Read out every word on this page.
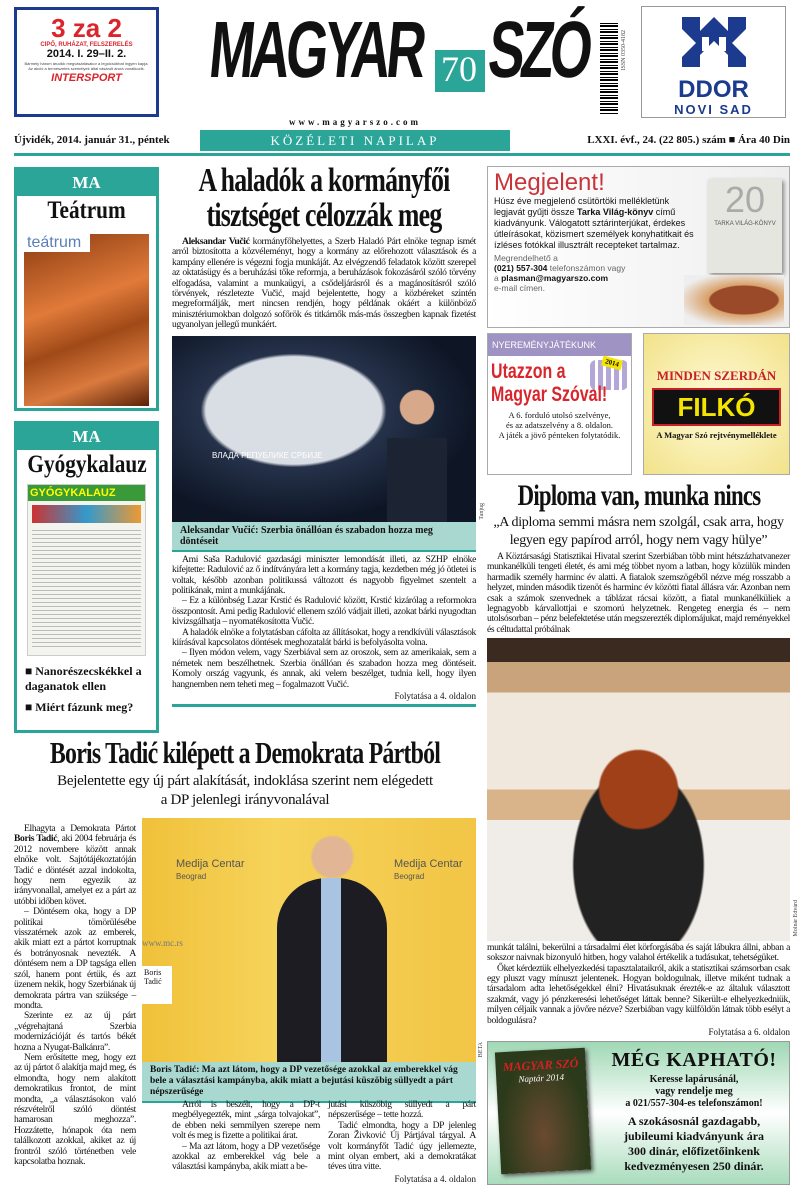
3 za 2
CIPŐ, RUHÁZAT, FELSZERELÉS
2014. I. 29–II. 2.
Bármely három árucikk megvásárlásakor a legolcsóbbat ingyen kapja. Az akció a természetes személyek által vásárolt árura vonatkozik.
INTERSPORT	MAGYAR 70 SZÓ	ISSN 0350-4182
DDOR
NOVI SAD
www.magyarszo.com
Újvidék, 2014. január 31., péntek	KÖZÉLETI NAPILAP	LXXI. évf., 24. (22 805.) szám ■ Ára 40 Din
MA
Teátrum
teátrum
MA
Gyógykalauz
GYÓGYKALAUZ
■ Nanorészecskékkel a daganatok ellen
■ Miért fázunk meg?
A haladók a kormányfői tisztséget célozzák meg

Aleksandar Vučić kormányfőhelyettes, a Szerb Haladó Párt elnöke tegnap ismét arról biztosította a közvéleményt, hogy a kormány az előrehozott választások és a kampány ellenére is végezni fogja munkáját. Az elvégzendő feladatok között szerepel az oktatásügy és a beruházási tőke reformja, a beruházások fokozásáról szóló törvény elfogadása, valamint a munkaügyi, a csődeljárásról és a magánosításról szóló törvények, részletezte Vučić, majd bejelentette, hogy a közbéreket szintén megreformálják, mert nincsen rendjén, hogy példának okáért a különböző minisztériumokban dolgozó sofőrök és titkárnők más-más összegben kapnak fizetést ugyanolyan jellegű munkáért.

ВЛАДА РЕПУБЛИКЕ СРБИЈЕ
Tanjug
Aleksandar Vučić: Szerbia önállóan és szabadon hozza meg döntéseit

Ami Saša Radulović gazdasági miniszter lemondását illeti, az SZHP elnöke kifejtette: Radulović az ő indítványára lett a kormány tagja, kezdetben még jó ötletei is voltak, később azonban politikussá változott és nagyobb figyelmet szentelt a politikának, mint a munkájának.

– Ez a különbség Lazar Krstić és Radulović között, Krstić kizárólag a reformokra összpontosít. Ami pedig Radulović ellenem szóló vádjait illeti, azokat bárki nyugodtan kivizsgálhatja – nyomatékosította Vučić.

A haladók elnöke a folytatásban cáfolta az állításokat, hogy a rendkívüli választások kiírásával kapcsolatos döntések meghozatalát bárki is befolyásolta volna.

– Ilyen módon velem, vagy Szerbiával sem az oroszok, sem az amerikaiak, sem a németek nem beszélhetnek. Szerbia önállóan és szabadon hozza meg döntéseit. Komoly ország vagyunk, és annak, aki velem beszélget, tudnia kell, hogy ilyen hangnemben nem teheti meg – fogalmazott Vučić.

Folytatása a 4. oldalon
Boris Tadić kilépett a Demokrata Pártból
Bejelentette egy új párt alakítását, indoklása szerint nem elégedett a DP jelenlegi irányvonalával

Elhagyta a Demokrata Pártot Boris Tadić, aki 2004 februárja és 2012 novembere között annak elnöke volt. Sajtótájékoztatóján Tadić e döntését azzal indokolta, hogy nem egyezik az irányvonallal, amelyet ez a párt az utóbbi időben követ.

– Döntésem oka, hogy a DP politikai tömörülésébe visszatérnek azok az emberek, akik miatt ezt a pártot korruptnak és botrányosnak nevezték. A döntésem nem a DP tagsága ellen szól, hanem pont értük, és azt üzenem nekik, hogy Szerbiának új demokrata pártra van szüksége – mondta.

Szerinte ez az új párt „végrehajtaná Szerbia modernizációját és tartós békét hozna a Nyugat-Balkánra”.

Nem erősítette meg, hogy ezt az új pártot ő alakítja majd meg, és elmondta, hogy nem alakított demokratikus frontot, de mint mondta, „a választásokon való részvételről szóló döntést hamarosan meghozza”. Hozzátette, hónapok óta nem találkozott azokkal, akiket az új frontról szóló történetben vele kapcsolatba hoznak.

Medija Centar
Beograd
Medija Centar
Beograd
www.mc.rs
Boris Tadić
BETA
Boris Tadić: Ma azt látom, hogy a DP vezetősége azokkal az emberekkel vág bele a választási kampányba, akik miatt a bejutási küszöbig süllyedt a párt népszerűsége

Arról is beszélt, hogy a DP-t megbélyegezték, mint „sárga tolvajokat”, de ebben neki semmilyen szerepe nem volt és meg is fizette a politikai árat.

– Ma azt látom, hogy a DP vezetősége azokkal az emberekkel vág bele a választási kampányba, akik miatt a be-

jutási küszöbig süllyedt a párt népszerűsége – tette hozzá.

Tadić elmondta, hogy a DP jelenleg Zoran Živković Új Pártjával tárgyal. A volt kormányfőt Tadić úgy jellemezte, mint olyan embert, aki a demokratákat téves útra vitte.

Folytatása a 4. oldalon
Megjelent!
Húsz éve megjelenő csütörtöki mellékletünk legjavát gyűjti össze Tarka Világ-könyv című kiadványunk. Válogatott sztárinterjúkat, érdekes útleírásokat, közismert személyek konyhatitkait és ízléses fotókkal illusztrált recepteket tartalmaz.
Megrendelhető a
(021) 557-304 telefonszámon vagy
a plasman@magyarszo.com
e-mail címen.
20
TARKA VILÁG-KÖNYV
NYEREMÉNYJÁTÉKUNK
2014
Utazzon a Magyar Szóval!
A 6. forduló utolsó szelvénye,
és az adatszelvény a 8. oldalon.
A játék a jövő pénteken folytatódik.
MINDEN SZERDÁN
FILKÓ
A Magyar Szó rejtvénymelléklete
Diploma van, munka nincs
„A diploma semmi másra nem szolgál, csak arra, hogy legyen egy papírod arról, hogy nem vagy hülye”

A Köztársasági Statisztikai Hivatal szerint Szerbiában több mint hétszázhatvanezer munkanélküli tengeti életét, és ami még többet nyom a latban, hogy közülük minden harmadik személy harminc év alatti. A fiatalok szemszögéből nézve még rosszabb a helyzet, minden második tizenöt és harminc év közötti fiatal állásra vár. Azonban nem csak a számok szenvednek a táblázat rácsai között, a fiatal munkanélküliek a legnagyobb kárvallottjai e szomorú helyzetnek. Rengeteg energia és – nem utolsósorban – pénz belefektetése után megszerezték diplomájukat, majd reményekkel és céltudattal próbálnak

Molnár Edvárd

munkát találni, bekerülni a társadalmi élet körforgásába és saját lábukra állni, abban a sokszor naivnak bizonyuló hitben, hogy valahol értékelik a tudásukat, tehetségüket.

Őket kérdeztük elhelyezkedési tapasztalataikról, akik a statisztikai számsorban csak egy pluszt vagy mínuszt jelentenek. Hogyan boldogulnak, illetve miként tudnak a társadalom adta lehetőségekkel élni? Hivatásuknak érezték-e az általuk választott szakmát, vagy jó pénzkeresési lehetőséget láttak benne? Sikerült-e elhelyezkedniük, milyen céljaik vannak a jövőre nézve? Szerbiában vagy külföldön látnak több esélyt a boldogulásra?

Folytatása a 6. oldalon
MAGYAR SZÓ
Naptár 2014
MÉG KAPHATÓ!
Keresse lapárusánál,
vagy rendelje meg
a 021/557-304-es telefonszámon!
A szokásosnál gazdagabb,
jubileumi kiadványunk ára
300 dinár, előfizetőinkenk
kedvezményesen 250 dinár.
